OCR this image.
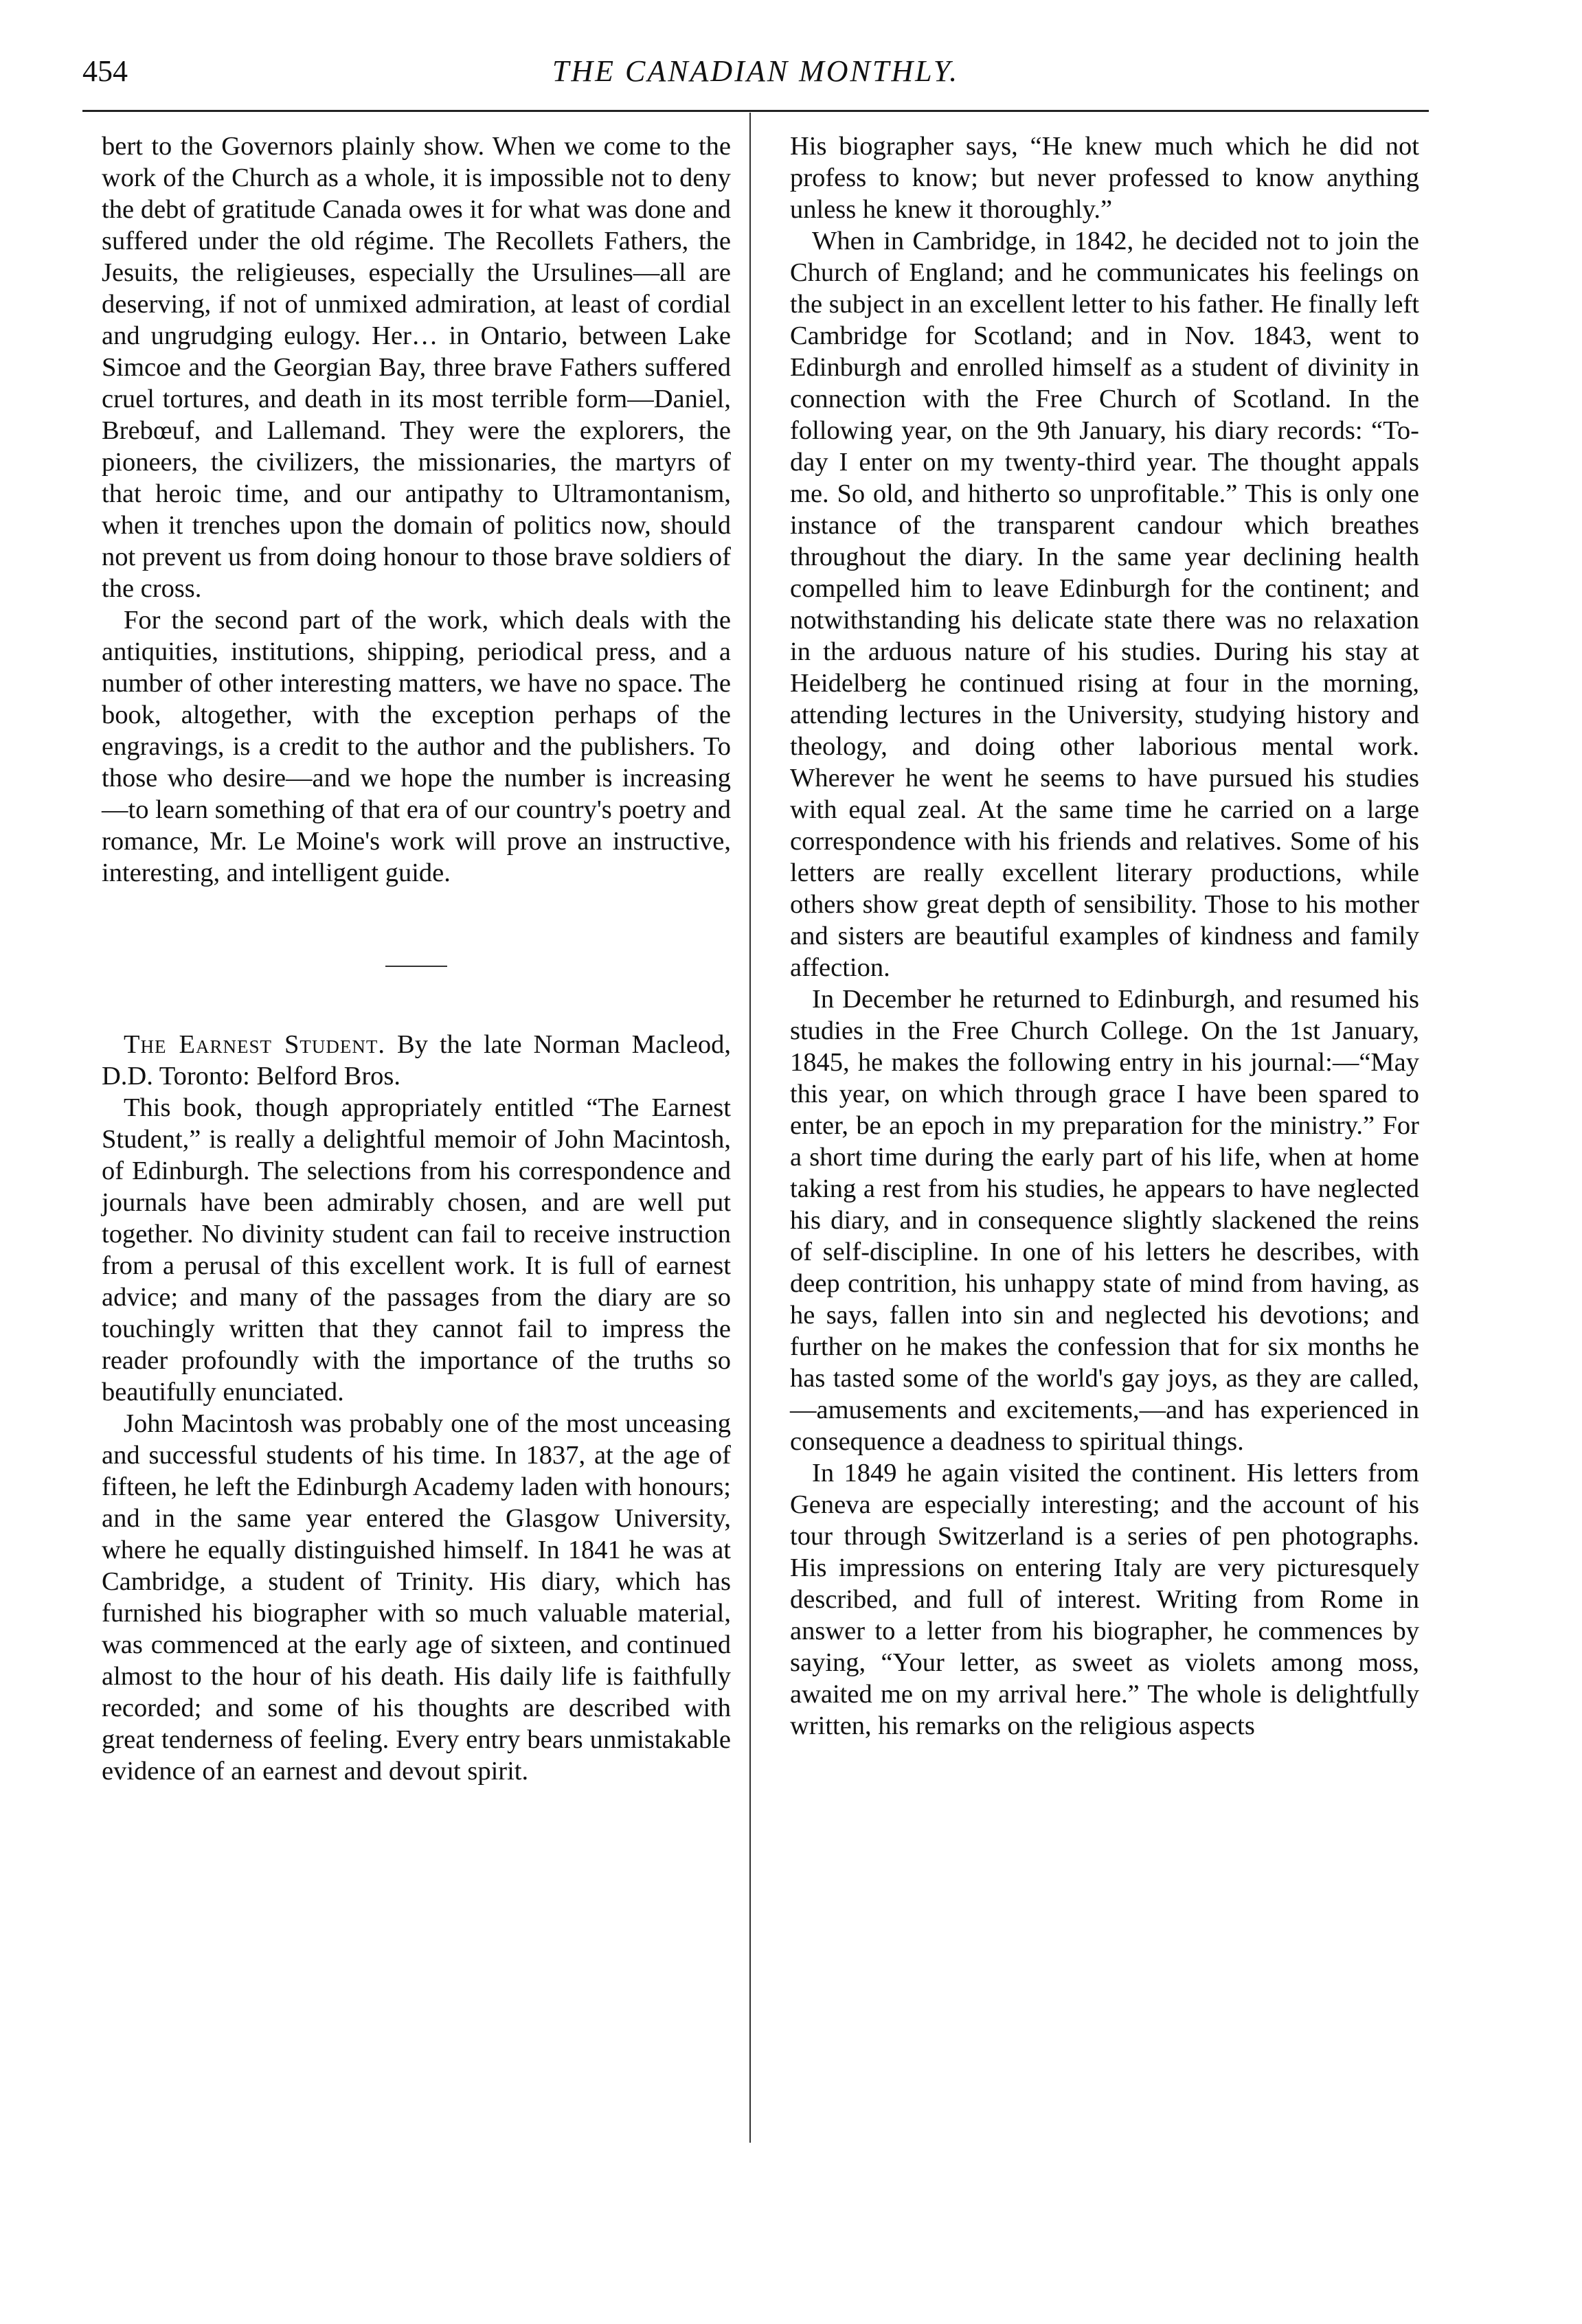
454	THE CANADIAN MONTHLY.

bert to the Governors plainly show. When we come to the work of the Church as a whole, it is impossible not to deny the debt of gratitude Canada owes it for what was done and suffered under the old régime. The Recollets Fathers, the Jesuits, the religieuses, especially the Ursulines—all are deserving, if not of unmixed admiration, at least of cordial and ungrudging eulogy. Her… in Ontario, between Lake Simcoe and the Georgian Bay, three brave Fathers suffered cruel tortures, and death in its most terrible form—Daniel, Brebœuf, and Lallemand. They were the explorers, the pioneers, the civilizers, the missionaries, the martyrs of that heroic time, and our antipathy to Ultramontanism, when it trenches upon the domain of politics now, should not prevent us from doing honour to those brave soldiers of the cross.

For the second part of the work, which deals with the antiquities, institutions, shipping, periodical press, and a number of other interesting matters, we have no space. The book, altogether, with the exception perhaps of the engravings, is a credit to the author and the publishers. To those who desire—and we hope the number is increasing—to learn something of that era of our country's poetry and romance, Mr. Le Moine's work will prove an instructive, interesting, and intelligent guide.

The Earnest Student. By the late Norman Macleod, D.D. Toronto: Belford Bros.

This book, though appropriately entitled “The Earnest Student,” is really a delightful memoir of John Macintosh, of Edinburgh. The selections from his correspondence and journals have been admirably chosen, and are well put together. No divinity student can fail to receive instruction from a perusal of this excellent work. It is full of earnest advice; and many of the passages from the diary are so touchingly written that they cannot fail to impress the reader profoundly with the importance of the truths so beautifully enunciated.

John Macintosh was probably one of the most unceasing and successful students of his time. In 1837, at the age of fifteen, he left the Edinburgh Academy laden with honours; and in the same year entered the Glasgow University, where he equally distinguished himself. In 1841 he was at Cambridge, a student of Trinity. His diary, which has furnished his biographer with so much valuable material, was commenced at the early age of sixteen, and continued almost to the hour of his death. His daily life is faithfully recorded; and some of his thoughts are described with great tenderness of feeling. Every entry bears unmistakable evidence of an earnest and devout spirit.

His biographer says, “He knew much which he did not profess to know; but never professed to know anything unless he knew it thoroughly.”

When in Cambridge, in 1842, he decided not to join the Church of England; and he communicates his feelings on the subject in an excellent letter to his father. He finally left Cambridge for Scotland; and in Nov. 1843, went to Edinburgh and enrolled himself as a student of divinity in connection with the Free Church of Scotland. In the following year, on the 9th January, his diary records: “To-day I enter on my twenty-third year. The thought appals me. So old, and hitherto so unprofitable.” This is only one instance of the transparent candour which breathes throughout the diary. In the same year declining health compelled him to leave Edinburgh for the continent; and notwithstanding his delicate state there was no relaxation in the arduous nature of his studies. During his stay at Heidelberg he continued rising at four in the morning, attending lectures in the University, studying history and theology, and doing other laborious mental work. Wherever he went he seems to have pursued his studies with equal zeal. At the same time he carried on a large correspondence with his friends and relatives. Some of his letters are really excellent literary productions, while others show great depth of sensibility. Those to his mother and sisters are beautiful examples of kindness and family affection.

In December he returned to Edinburgh, and resumed his studies in the Free Church College. On the 1st January, 1845, he makes the following entry in his journal:—“May this year, on which through grace I have been spared to enter, be an epoch in my preparation for the ministry.” For a short time during the early part of his life, when at home taking a rest from his studies, he appears to have neglected his diary, and in consequence slightly slackened the reins of self-discipline. In one of his letters he describes, with deep contrition, his unhappy state of mind from having, as he says, fallen into sin and neglected his devotions; and further on he makes the confession that for six months he has tasted some of the world's gay joys, as they are called,—amusements and excitements,—and has experienced in consequence a deadness to spiritual things.

In 1849 he again visited the continent. His letters from Geneva are especially interesting; and the account of his tour through Switzerland is a series of pen photographs. His impressions on entering Italy are very picturesquely described, and full of interest. Writing from Rome in answer to a letter from his biographer, he commences by saying, “Your letter, as sweet as violets among moss, awaited me on my arrival here.” The whole is delightfully written, his remarks on the religious aspects
